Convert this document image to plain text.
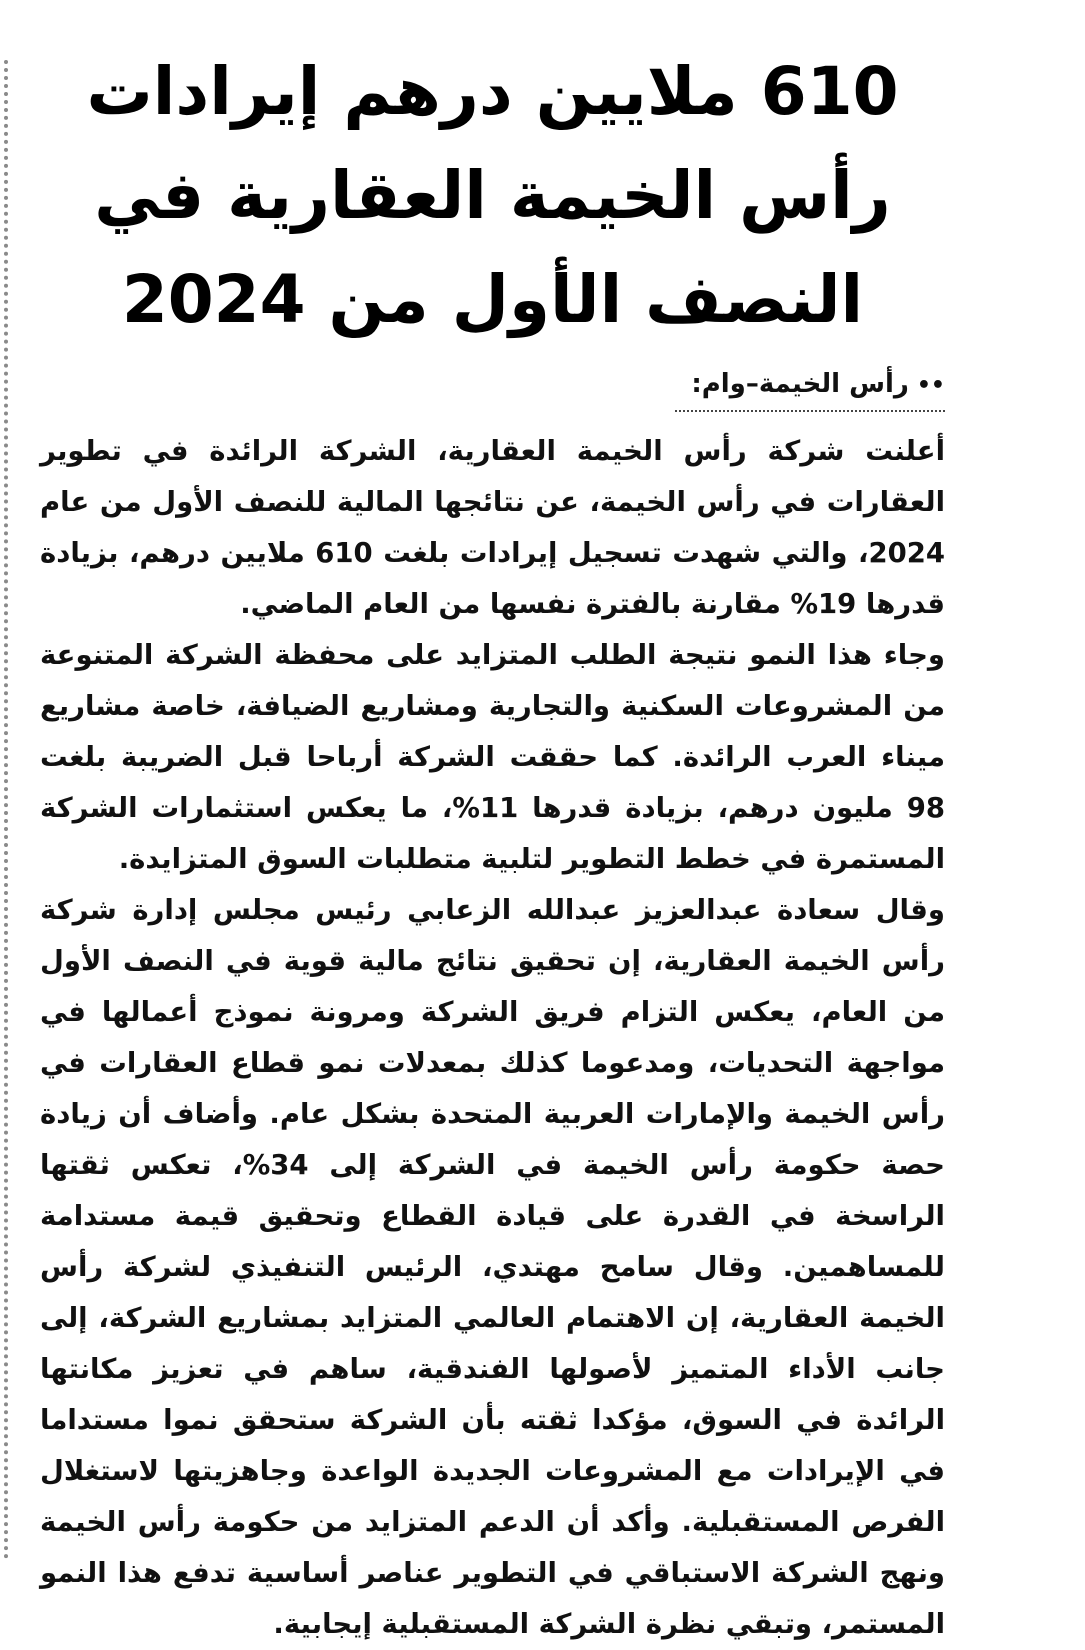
610 ملايين درهم إيرادات رأس الخيمة العقارية في النصف الأول من 2024
••رأس الخيمة–وام:

أعلنت شركة رأس الخيمة العقارية، الشركة الرائدة في تطوير العقارات في رأس الخيمة، عن نتائجها المالية للنصف الأول من عام 2024، والتي شهدت تسجيل إيرادات بلغت 610 ملايين درهم، بزيادة قدرها 19% مقارنة بالفترة نفسها من العام الماضي.

وجاء هذا النمو نتيجة الطلب المتزايد على محفظة الشركة المتنوعة من المشروعات السكنية والتجارية ومشاريع الضيافة، خاصة مشاريع ميناء العرب الرائدة. كما حققت الشركة أرباحا قبل الضريبة بلغت 98 مليون درهم، بزيادة قدرها 11%، ما يعكس استثمارات الشركة المستمرة في خطط التطوير لتلبية متطلبات السوق المتزايدة.

وقال سعادة عبدالعزيز عبدالله الزعابي رئيس مجلس إدارة شركة رأس الخيمة العقارية، إن تحقيق نتائج مالية قوية في النصف الأول من العام، يعكس التزام فريق الشركة ومرونة نموذج أعمالها في مواجهة التحديات، ومدعوما كذلك بمعدلات نمو قطاع العقارات في رأس الخيمة والإمارات العربية المتحدة بشكل عام. وأضاف أن زيادة حصة حكومة رأس الخيمة في الشركة إلى 34%، تعكس ثقتها الراسخة في القدرة على قيادة القطاع وتحقيق قيمة مستدامة للمساهمين. وقال سامح مهتدي، الرئيس التنفيذي لشركة رأس الخيمة العقارية، إن الاهتمام العالمي المتزايد بمشاريع الشركة، إلى جانب الأداء المتميز لأصولها الفندقية، ساهم في تعزيز مكانتها الرائدة في السوق، مؤكدا ثقته بأن الشركة ستحقق نموا مستداما في الإيرادات مع المشروعات الجديدة الواعدة وجاهزيتها لاستغلال الفرص المستقبلية. وأكد أن الدعم المتزايد من حكومة رأس الخيمة ونهج الشركة الاستباقي في التطوير عناصر أساسية تدفع هذا النمو المستمر، وتبقي نظرة الشركة المستقبلية إيجابية.
